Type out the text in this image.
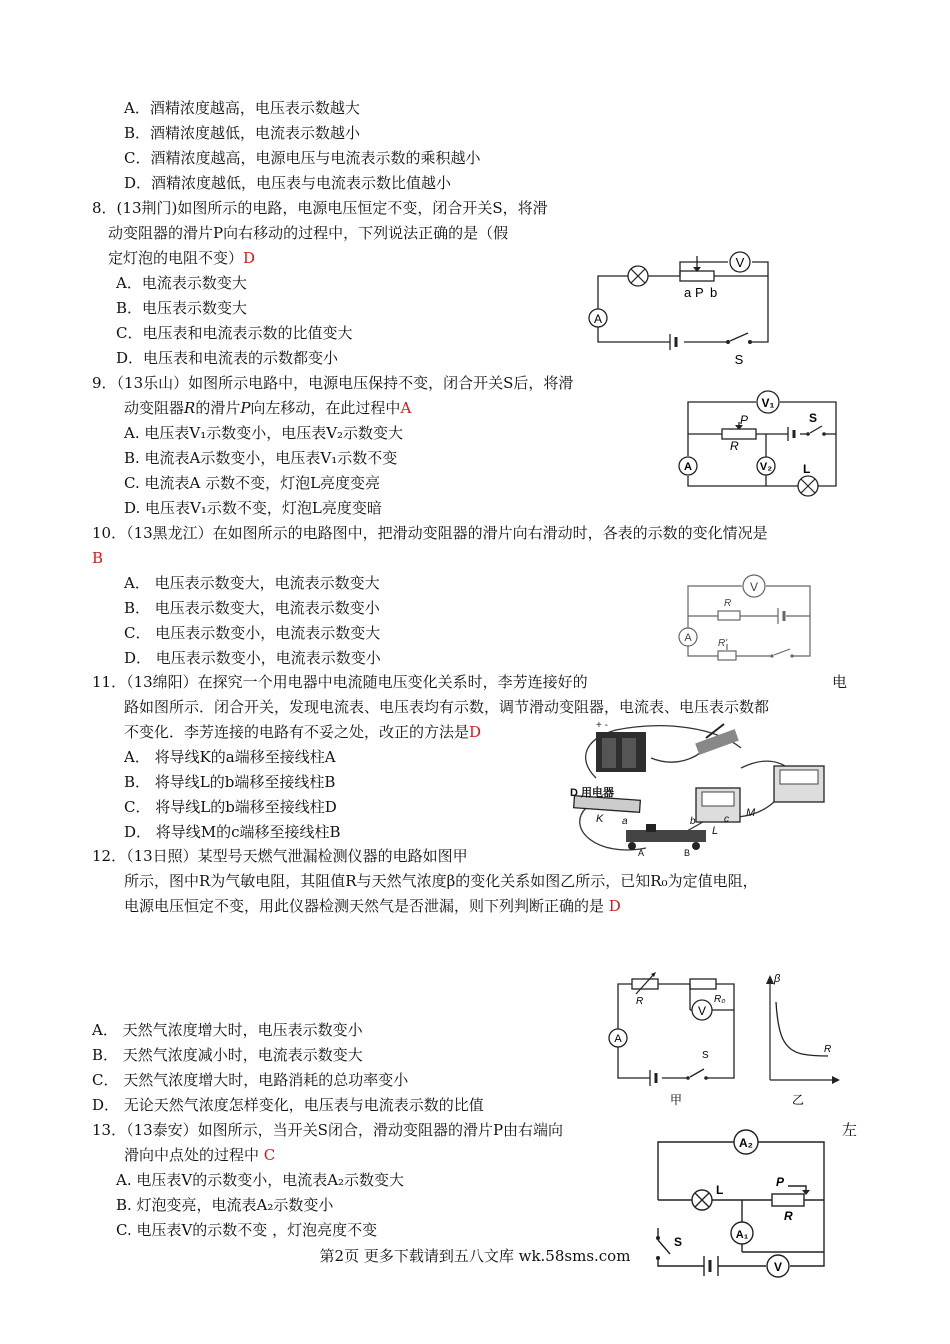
A．酒精浓度越高，电压表示数越大
B．酒精浓度越低，电流表示数越小
C．酒精浓度越高，电源电压与电流表示数的乘积越小
D．酒精浓度越低，电压表与电流表示数比值越小
8．(13荆门)如图所示的电路，电源电压恒定不变，闭合开关S，将滑
动变阻器的滑片P向右移动的过程中，下列说法正确的是（假
定灯泡的电阻不变）D
A．电流表示数变大
B．电压表示数变大
C．电压表和电流表示数的比值变大
D．电压表和电流表的示数都变小
V
A
a P b
S
9．（13乐山）如图所示电路中，电源电压保持不变，闭合开关S后，将滑
动变阻器R的滑片P向左移动，在此过程中A
A. 电压表V₁示数变小，电压表V₂示数变大
B. 电流表A示数变小，电压表V₁示数不变
C. 电流表A 示数不变，灯泡L亮度变亮
D. 电压表V₁示数不变，灯泡L亮度变暗
V₁
V₂
A
S
L
P
R
10．（13黑龙江）在如图所示的电路图中，把滑动变阻器的滑片向右滑动时，各表的示数的变化情况是
B
A． 电压表示数变大，电流表示数变大
B． 电压表示数变大，电流表示数变小
C． 电压表示数变小，电流表示数变大
D． 电压表示数变小，电流表示数变小
V
A
R
R'
11．（13绵阳）在探究一个用电器中电流随电压变化关系时，李芳连接好的	电
路如图所示．闭合开关，发现电流表、电压表均有示数，调节滑动变阻器，电流表、电压表示数都
不变化．李芳连接的电路有不妥之处，改正的方法是D
A． 将导线K的a端移至接线柱A
B． 将导线L的b端移至接线柱B
C． 将导线L的b端移至接线柱D
D． 将导线M的c端移至接线柱B
+ -
D 用电器
a	b	c
K
L
M
A	B
12．（13日照）某型号天燃气泄漏检测仪器的电路如图甲
所示，图中R为气敏电阻，其阻值R与天然气浓度β的变化关系如图乙所示，已知R₀为定值电阻，
电源电压恒定不变，用此仪器检测天然气是否泄漏，则下列判断正确的是 D
A． 天然气浓度增大时，电压表示数变小
B． 天然气浓度减小时，电流表示数变大
C． 天然气浓度增大时，电路消耗的总功率变小
D． 无论天然气浓度怎样变化，电压表与电流表示数的比值
V
A
R	R₀
S
甲
β
R
乙
13．（13泰安）如图所示，当开关S闭合，滑动变阻器的滑片P由右端向	左
滑向中点处的过程中 C
A. 电压表V的示数变小，电流表A₂示数变大
B. 灯泡变亮，电流表A₂示数变小
C. 电压表V的示数不变 ，灯泡亮度不变
A₂
L
P
R
A₁
V
S
第2页 更多下载请到五八文库 wk.58sms.com
